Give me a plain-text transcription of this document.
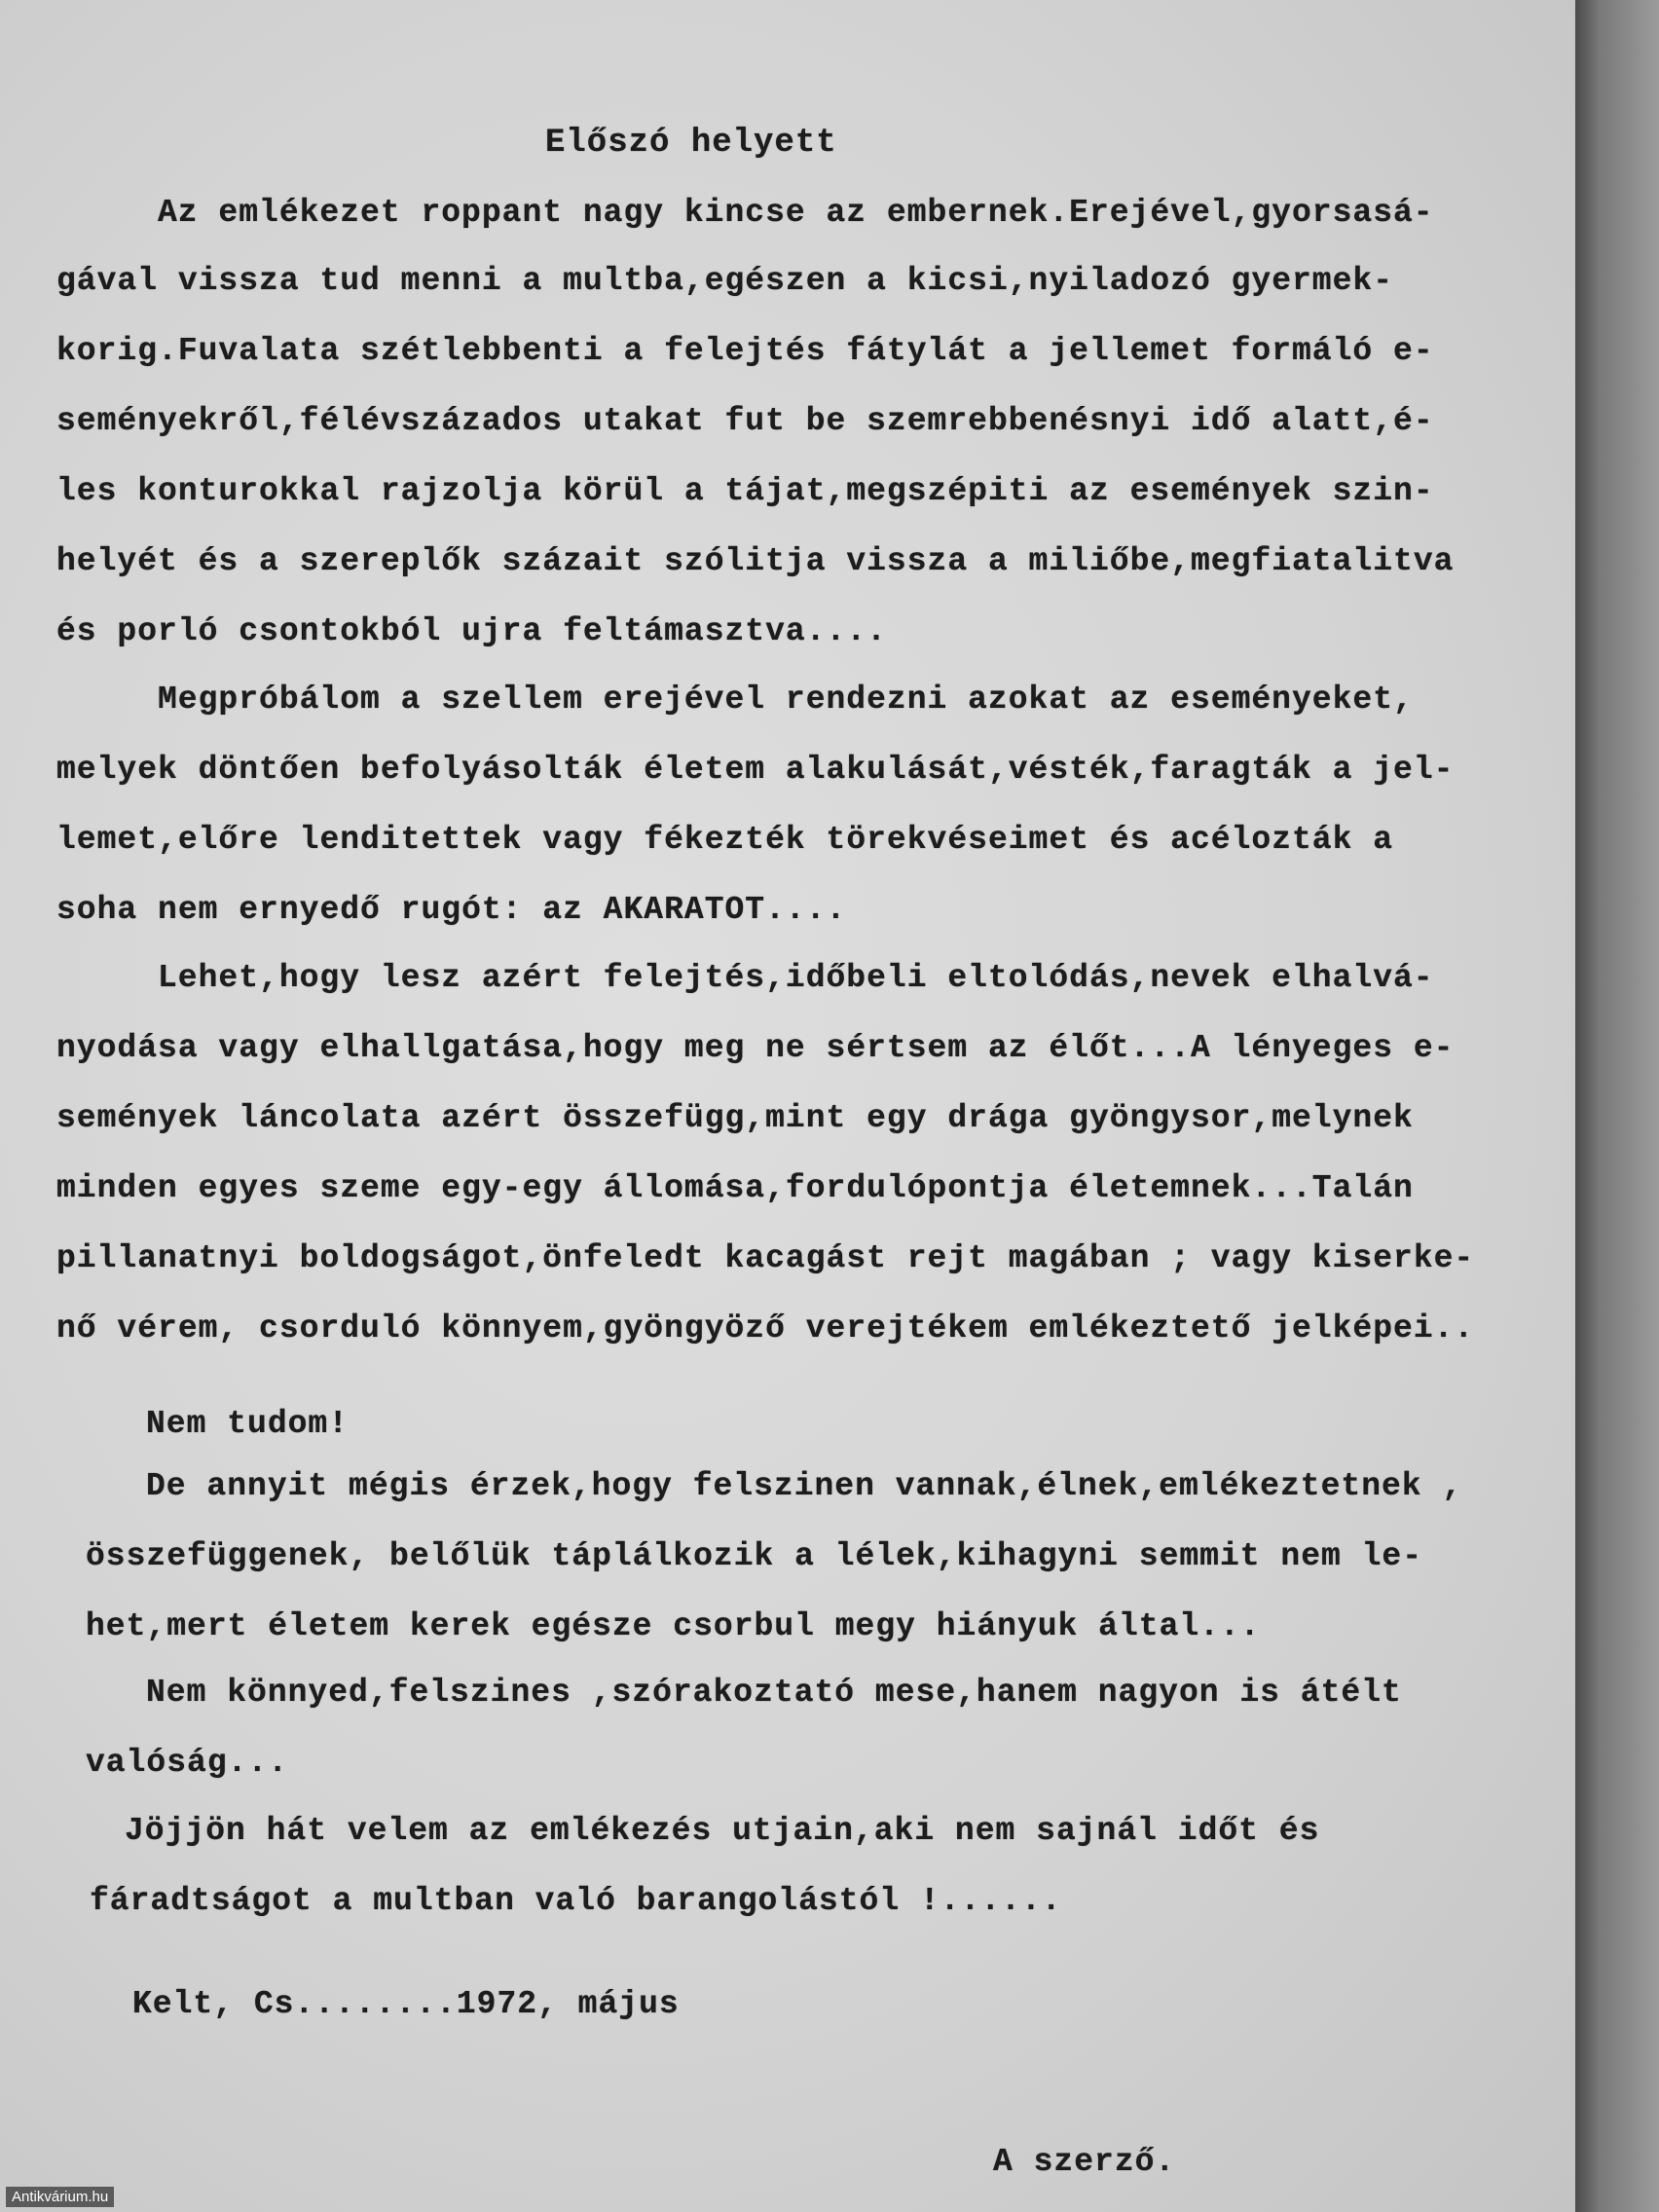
Előszó helyett
Az emlékezet roppant nagy kincse az embernek.Erejével,gyorsasá-
gával vissza tud menni a multba,egészen a kicsi,nyiladozó gyermek-
korig.Fuvalata szétlebbenti a felejtés fátylát a jellemet formáló e-
seményekről,félévszázados utakat fut be szemrebbenésnyi idő alatt,é-
les konturokkal rajzolja körül a tájat,megszépiti az események szin-
helyét és a szereplők százait szólitja vissza a miliőbe,megfiatalitva
és porló csontokból ujra feltámasztva....
Megpróbálom a szellem erejével rendezni azokat az eseményeket,
melyek döntően befolyásolták életem alakulását,vésték,faragták a jel-
lemet,előre lenditettek vagy fékezték törekvéseimet és acélozták a
soha nem ernyedő rugót: az AKARATOT....
Lehet,hogy lesz azért felejtés,időbeli eltolódás,nevek elhalvá-
nyodása vagy elhallgatása,hogy meg ne sértsem az élőt...A lényeges e-
semények láncolata azért összefügg,mint egy drága gyöngysor,melynek
minden egyes szeme egy-egy állomása,fordulópontja életemnek...Talán
pillanatnyi boldogságot,önfeledt kacagást rejt magában ; vagy kiserke-
nő vérem, csorduló könnyem,gyöngyöző verejtékem emlékeztető jelképei..
Nem tudom!
De annyit mégis érzek,hogy felszinen vannak,élnek,emlékeztetnek ,
összefüggenek, belőlük táplálkozik a lélek,kihagyni semmit nem le-
het,mert életem kerek egésze csorbul megy hiányuk által...
Nem könnyed,felszines ,szórakoztató mese,hanem nagyon is átélt
valóság...
Jöjjön hát velem az emlékezés utjain,aki nem sajnál időt és
fáradtságot a multban való barangolástól !......
Kelt, Cs........1972, május
A szerző.
Antikvárium.hu
